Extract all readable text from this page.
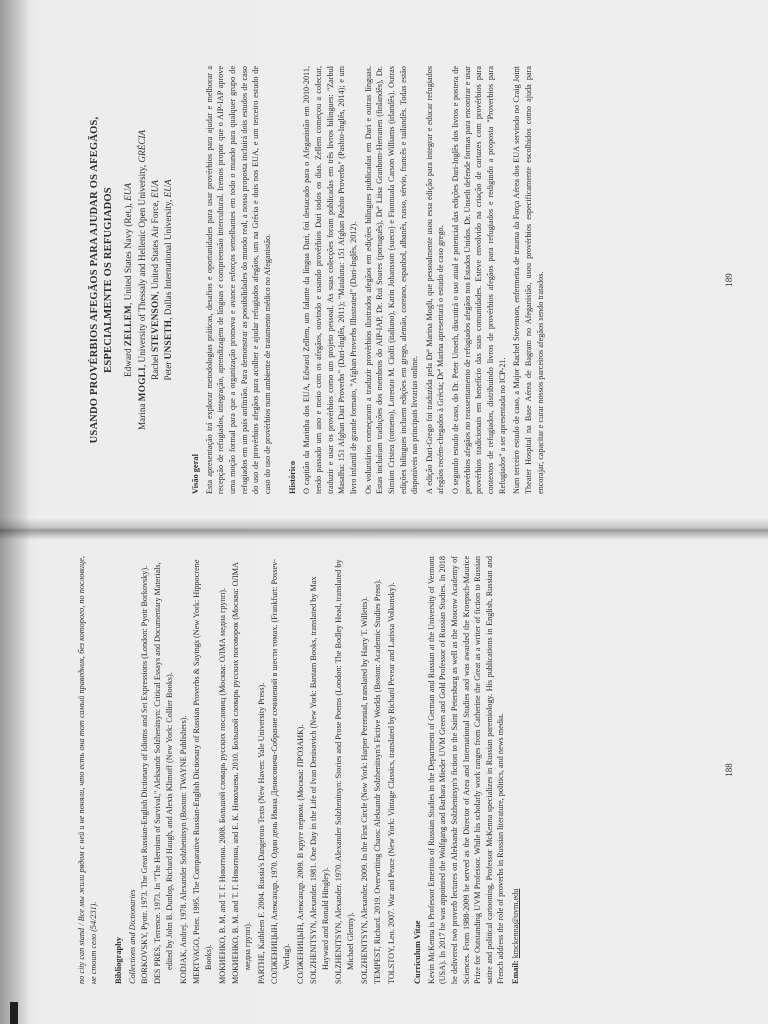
USANDO PROVÉRBIOS AFEGÃOS PARA AJUDAR OS AFEGÃOS, ESPECIALMENTE OS REFUGIADOS Edward ZELLEM, United States Navy (Ret.), EUA
Marina MOGLI, University of Thessaly and Hellenic Open University, GRÉCIA
Rachel STEVENSON, United States Air Force, EUA
Peter UNSETH, Dallas International University, EUA
Visão geral Esta apresentação irá explorar metodologias práticas, desafios e oportunidades para usar provérbios para ajudar e melhorar a recepção de refugiados, integração, aprendizagem de línguas e compreensão intercultural. Iremos propor que o AIP-IAP aprove uma moção formal para que a organização promova e avance esforços semelhantes em todo o mundo para qualquer grupo de refugiados em um país anfitrião. Para demonstrar as possibilidades do mundo real, a nossa proposta incluirá dois estudos de caso do uso de provérbios afegãos para acolher e ajudar refugiados afegãos, um na Grécia e dois nos EUA, e um terceiro estudo de caso do uso de provérbios num ambiente de tratamento médico no Afeganistão. Histórico O capitão da Marinha dos EUA, Edward Zellem, um falante da língua Dari, foi destacado para o Afeganistão em 2010-2011, tendo passado um ano e meio com os afegãos, ouvindo e usando provérbios Dari todos os dias. Zellem começou a colectar, traduzir e usar os provérbios como um projeto pessoal. As suas colecções foram publicadas em três livros bilingues: "Zarbul Masalha: 151 Afghan Dari Proverbs" (Dari-Inglês, 2011); "Mataluna: 151 Afghan Pashto Proverbs" (Pashto-Inglês, 2014); e um livro infantil de grande formato, "Afghan Proverbs Illustrated" (Dari-Inglês, 2012). Os voluntários começaram a traduzir provérbios ilustrados afegãos em edições bilingues publicadas em Dari e outras línguas. Estas incluíram traduções dos membros do AIP-IAP, Dr. Rui Soares (português), Drª Liisa Granbom-Herranen (finlandês), Dr. Simion Cristea (romeno), Lorenzo M. Ciolfi (italiano), Karin Johansson (sueco) e Fionnuala Carson Williams (irlandês). Outras edições bilingues incluem edições em grego, alemão, coreano, espanhol, albanês, russo, sérvio, francês e tailandês. Todas estão disponíveis nas principais livrarias online. A edição Dari-Grego foi traduzida pela Drª Marina Mogli, que pessoalmente usou essa edição para integrar e educar refugiados afegãos recém-chegados à Grécia; Drª Marina apresentará o estudo de caso grego. O segundo estudo de caso, do Dr. Peter Unseth, discutirá o uso atual e potencial das edições Dari-Inglês dos livros e postera de provérbios afegãos no reassentamento de refugiados afegãos nos Estados Unidos. Dr. Unseth defende formas para encontrar e usar provérbios tradicionais em benefício das suas comunidades. Esteve envolvido na criação de cartazes com provérbios para contextos de refugiados, distribuindo livros de provérbios afegãos para refugiados e redigindo a proposta "Proverbios para Refugiados" a ser apresentada no ICP-21. Num terceiro estudo de caso, a Major Rachel Stevenson, enfermeira de trauma da Força Aérea dos EUA servindo no Craig Joint Theater Hospital na Base Aérea de Bagram no Afeganistão, usou provérbios especificamente escolhidos como ajuda para encorajar, capacitar e curar nossos parceiros afegãos sendo tratados.	189

по city can stand / Все мы жили рядом с ней и не поняли, что есть она тот самый праведник, без которого, по пословице, не стоит село (54/231). Bibliography Collections and Dictionaries BORKOVSKY, Pyotr. 1973. The Great Russian-English Dictionary of Idioms and Set Expressions (London: Pyotr Borkovsky). DES PRES, Terrence. 1973. In "The Heroism of Survival," Aleksandr Solzhenitsyn: Critical Essays and Documentary Materials, edited by John B. Dunlop, Richard Haugh, and Alexis Klimoff (New York: Collier Books). KODJAK, Andrej. 1978. Alexander Solzhenitsyn (Boston: TWAYNE Publishers). MERTVAGO, Peter. 1995. The Comparative Russian-English Dictionary of Russian Proverbs & Sayings (New York: Hippocrene Books). МОКИЕНКО, В. М. and Т. Г. Никитина. 2008. Большой словарь русских пословиц (Москва: ОЛМА медиа групп). МОКИЕНКО, В. М. and Т. Г. Никитина, and Е. К. Николаева. 2010. Большой словарь русских поговорок (Москва: ОЛМА медиа групп). PARTHE, Kathleen F. 2004. Russia's Dangerous Texts (New Haven: Yale University Press). СОЛЖЕНИЦЫН, Александр. 1970. Один день Ивана Денисовича-Собрание сочинений в шести томах. (Frankfurt: Possev-Verlag). СОЛЖЕНИЦЫН, Александр. 2009. В круге первом. (Москва: ПРОЗАИК). SOLZHENITSYN, Alexander. 1981. One Day in the Life of Ivan Denisovich (New York: Bantam Books, translated by Max Hayward and Ronald Hingley). SOLZHENITSYN, Alexander. 1970. Alexander Solzhenitsyn: Stories and Prose Poems (London: The Bodley Head, translated by Michael Glenny). SOLZHENITSYN, Alexander. 2009. In the First Circle (New York: Harper Perennial, translated by Harry T. Willetts). TEMPEST, Richard. 2019. Overwriting Chaos: Aleksandr Solzhenitsyn's Fictive Worlds (Boston: Academic Studies Press). TOLSTOY, Leo. 2007. War and Peace (New York: Vintage Classics, translated by Richard Pevear and Larissa Volkonsky). Curriculum Vitae Kevin McKenna is Professor Emeritus of Russian Studies in the Department of German and Russian at the University of Vermont (USA). In 2017 he was appointed the Wolfgang and Barbara Mieder UVM Green and Gold Professor of Russian Studies. In 2018 he delivered two proverb lectures on Aleksandr Solzhenitsyn's fiction to the Saint Petersburg as well as the Moscow Academy of Sciences. From 1988-2009 he served as the Director of Area and International Studies and was awarded the Kroepsch-Maurice Prize for Outstanding UVM Professor. While his scholarly work ranges from Catherine the Great as a writer of fiction to Russian satire and political cartooning, Professor McKenna specializes in Russian paremiology. His publications in English, Russian and French address the role of proverbs in Russian literature, politics, and news media. Email: kmckenna@uvm.edu
188
